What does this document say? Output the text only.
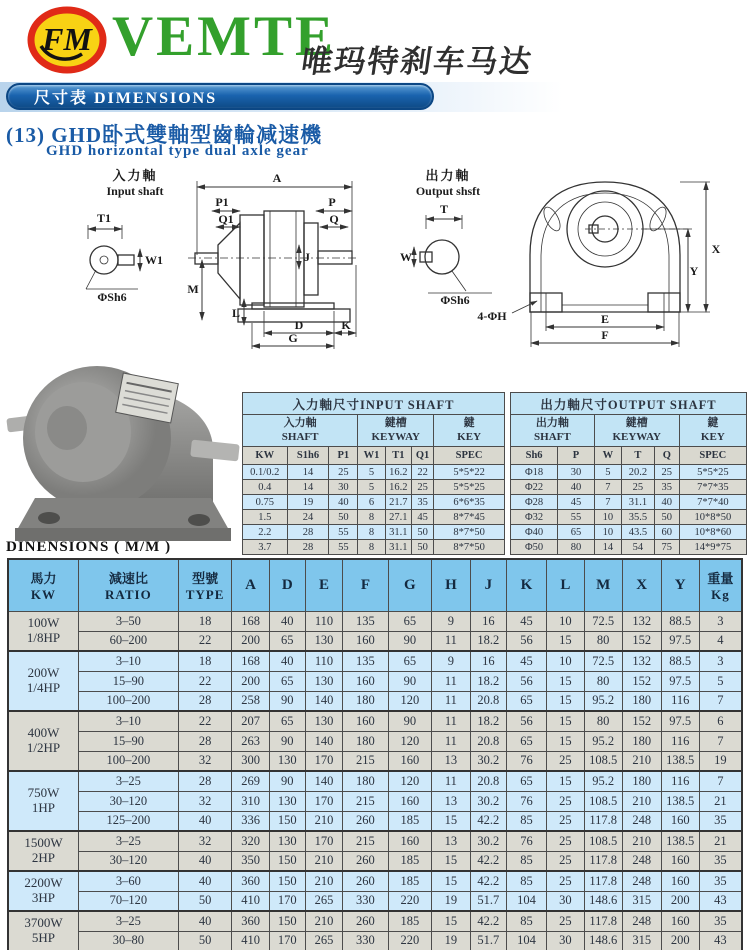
FM VEMTE
唯玛特刹车马达
尺寸表 DIMENSIONS
(13) GHD卧式雙軸型齒輪减速機
GHD horizontal type dual axle gear
入力軸
Input shaft
T1
W1
ΦSh6
A
P1
Q1
P
Q
M
J
L
D	K
G
出力軸
Output shsft
T
W
ΦSh6
X
Y
E
F
4-ΦH
入力軸尺寸INPUT SHAFT						

入力軸
SHAFT

鍵槽
KEYWAY

鍵
KEY

KW	S1h6	P1	W1	T1	Q1	SPEC
0.1/0.2	14	25	5	16.2	22	5*5*22
0.4	14	30	5	16.2	25	5*5*25
0.75	19	40	6	21.7	35	6*6*35
1.5	24	50	8	27.1	45	8*7*45
2.2	28	55	8	31.1	50	8*7*50
3.7	28	55	8	31.1	50	8*7*50
出力軸尺寸OUTPUT SHAFT					

出力軸
SHAFT

鍵槽
KEYWAY

鍵
KEY

Sh6	P	W	T	Q	SPEC
Φ18	30	5	20.2	25	5*5*25
Φ22	40	7	25	35	7*7*35
Φ28	45	7	31.1	40	7*7*40
Φ32	55	10	35.5	50	10*8*50
Φ40	65	10	43.5	60	10*8*60
Φ50	80	14	54	75	14*9*75
DINENSIONS ( M/M )
馬力
KW

減速比
RATIO

型號
TYPE
	A	D	E	F	G	H	J	K	L	M	X	Y	重量
Kg

100W
1/8HP	3–50	18	168	40	110	135	65	9	16	45	10	72.5	132	88.5	3
	60–200	22	200	65	130	160	90	11	18.2	56	15	80	152	97.5	4

200W
1/4HP	3–10	18	168	40	110	135	65	9	16	45	10	72.5	132	88.5	3
	15–90	22	200	65	130	160	90	11	18.2	56	15	80	152	97.5	5
	100–200	28	258	90	140	180	120	11	20.8	65	15	95.2	180	116	7

400W
1/2HP	3–10	22	207	65	130	160	90	11	18.2	56	15	80	152	97.5	6
	15–90	28	263	90	140	180	120	11	20.8	65	15	95.2	180	116	7
	100–200	32	300	130	170	215	160	13	30.2	76	25	108.5	210	138.5	19

750W
1HP	3–25	28	269	90	140	180	120	11	20.8	65	15	95.2	180	116	7
	30–120	32	310	130	170	215	160	13	30.2	76	25	108.5	210	138.5	21
	125–200	40	336	150	210	260	185	15	42.2	85	25	117.8	248	160	35

1500W
2HP	3–25	32	320	130	170	215	160	13	30.2	76	25	108.5	210	138.5	21
	30–120	40	350	150	210	260	185	15	42.2	85	25	117.8	248	160	35

2200W
3HP	3–60	40	360	150	210	260	185	15	42.2	85	25	117.8	248	160	35
	70–120	50	410	170	265	330	220	19	51.7	104	30	148.6	315	200	43

3700W
5HP	3–25	40	360	150	210	260	185	15	42.2	85	25	117.8	248	160	35
	30–80	50	410	170	265	330	220	19	51.7	104	30	148.6	315	200	43
